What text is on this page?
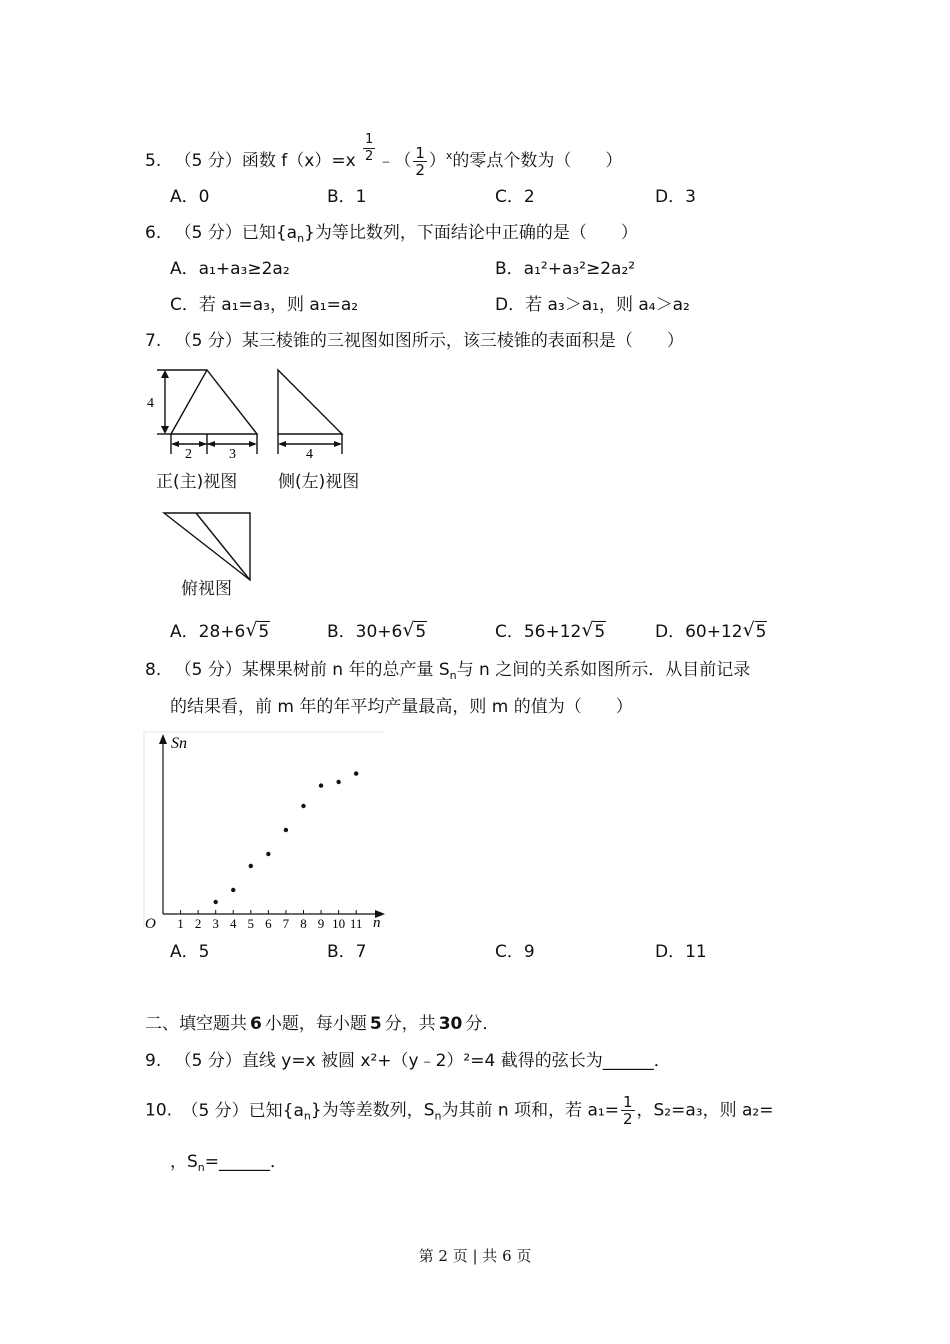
5. （5 分）函数 $f(x)=x \frac{1}{2}$ ﹣（ $\frac{1}{2} )^x$的零点个数为（　　）
A．0	B．1	C．2	D．3
6. （5 分）已知$\{a_n\}$为等比数列，下面结论中正确的是（　　）
A．a₁+a₃≥2a₂	B．a₁²+a₃²≥2a₂²
C．若 a₁=a₃，则 a₁=a₂	D．若 a₃＞a₁，则 a₄＞a₂
7. （5 分）某三棱锥的三视图如图所示，该三棱锥的表面积是（　　）
4
2	3
正(主)视图
4
侧(左)视图
俯视图
A．28+6 √ 5	B．30+6 √ 5	C．56+12 √ 5	D．60+12 √ 5
8. （5 分）某棵果树前 n 年的总产量 $S_n$与 n 之间的关系如图所示．从目前记录
的结果看，前 m 年的年平均产量最高，则 m 的值为（　　）
Sn
n
O 1 2 3 4 5 6 7 8 9 10 11
A．5	B．7	C．9	D．11
二、填空题共 6 小题，每小题 5 分，共 30 分．
9. （5 分）直线 y=x 被圆 x²+（y﹣2）²=4 截得的弦长为______．
10. （5 分）已知$\{a_n\}$为等差数列，$S_n$为其前 n 项和，若 $a_1= \frac{1}{2}$ ，S₂=a₃，则 a₂=
，$S_n=\_\_\_\_\_\_$．
第 2 页 | 共 6 页
